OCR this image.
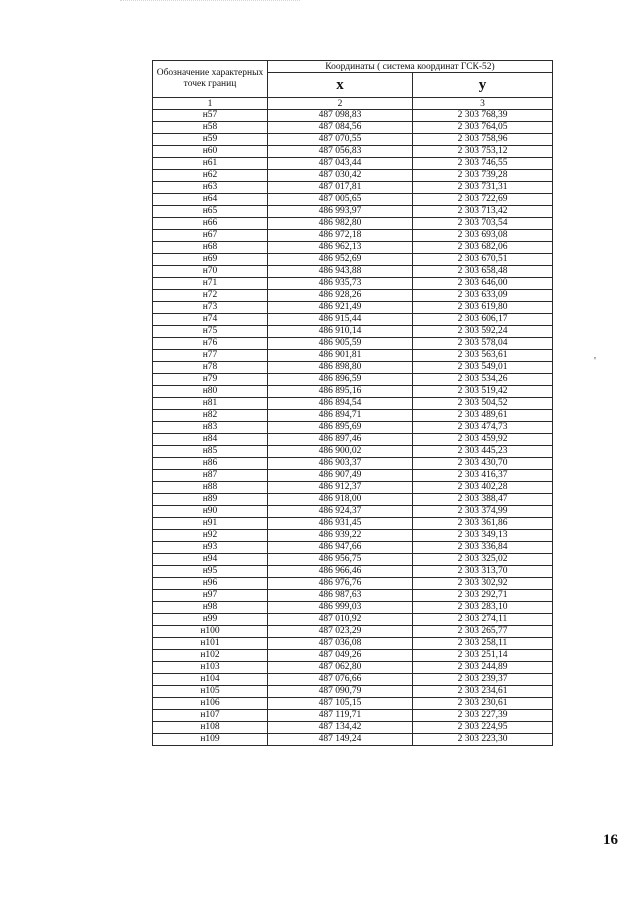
Обозначение характерных точек границ	Координаты ( система координат ГСК-52)	
	х	у
1	2	3
н57	487 098,83	2 303 768,39
н58	487 084,56	2 303 764,05
н59	487 070,55	2 303 758,96
н60	487 056,83	2 303 753,12
н61	487 043,44	2 303 746,55
н62	487 030,42	2 303 739,28
н63	487 017,81	2 303 731,31
н64	487 005,65	2 303 722,69
н65	486 993,97	2 303 713,42
н66	486 982,80	2 303 703,54
н67	486 972,18	2 303 693,08
н68	486 962,13	2 303 682,06
н69	486 952,69	2 303 670,51
н70	486 943,88	2 303 658,48
н71	486 935,73	2 303 646,00
н72	486 928,26	2 303 633,09
н73	486 921,49	2 303 619,80
н74	486 915,44	2 303 606,17
н75	486 910,14	2 303 592,24
н76	486 905,59	2 303 578,04
н77	486 901,81	2 303 563,61
н78	486 898,80	2 303 549,01
н79	486 896,59	2 303 534,26
н80	486 895,16	2 303 519,42
н81	486 894,54	2 303 504,52
н82	486 894,71	2 303 489,61
н83	486 895,69	2 303 474,73
н84	486 897,46	2 303 459,92
н85	486 900,02	2 303 445,23
н86	486 903,37	2 303 430,70
н87	486 907,49	2 303 416,37
н88	486 912,37	2 303 402,28
н89	486 918,00	2 303 388,47
н90	486 924,37	2 303 374,99
н91	486 931,45	2 303 361,86
н92	486 939,22	2 303 349,13
н93	486 947,66	2 303 336,84
н94	486 956,75	2 303 325,02
н95	486 966,46	2 303 313,70
н96	486 976,76	2 303 302,92
н97	486 987,63	2 303 292,71
н98	486 999,03	2 303 283,10
н99	487 010,92	2 303 274,11
н100	487 023,29	2 303 265,77
н101	487 036,08	2 303 258,11
н102	487 049,26	2 303 251,14
н103	487 062,80	2 303 244,89
н104	487 076,66	2 303 239,37
н105	487 090,79	2 303 234,61
н106	487 105,15	2 303 230,61
н107	487 119,71	2 303 227,39
н108	487 134,42	2 303 224,95
н109	487 149,24	2 303 223,30
'
16
